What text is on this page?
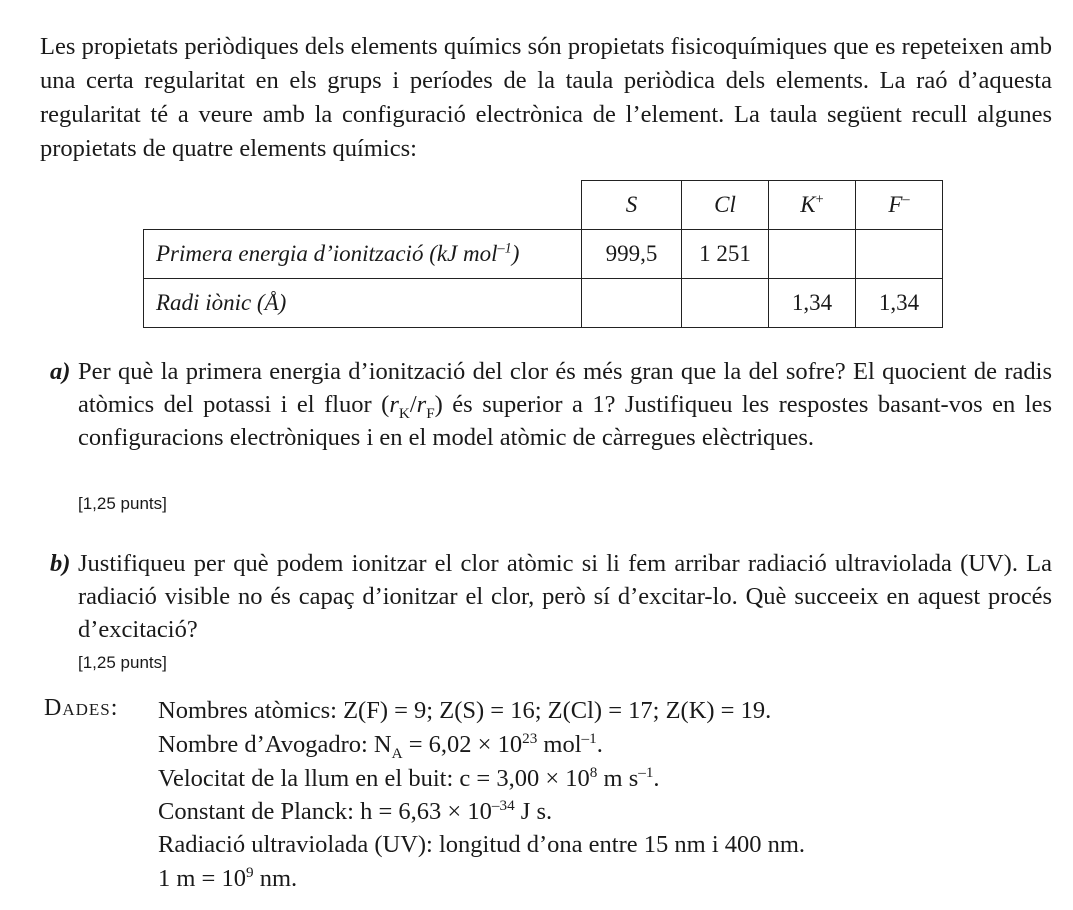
Les propietats periòdiques dels elements químics són propietats fisicoquímiques que es repeteixen amb una certa regularitat en els grups i períodes de la taula periòdica dels elements. La raó d’aquesta regularitat té a veure amb la configuració electrònica de l’element. La taula següent recull algunes propietats de quatre elements químics:
	S	Cl	K+	F–
Primera energia d’ionització (kJ mol$^{-1}$)	999,5	1 251		
Radi iònic (Å)			1,34	1,34
a) Per què la primera energia d’ionització del clor és més gran que la del sofre? El quocient de radis atòmics del potassi i el fluor $(r_K/r_F)$ és superior a 1? Justifiqueu les respostes basant-vos en les configuracions electròniques i en el model atòmic de càrregues elèctriques.
[1,25 punts]
b) Justifiqueu per què podem ionitzar el clor atòmic si li fem arribar radiació ultraviolada (UV). La radiació visible no és capaç d’ionitzar el clor, però sí d’excitar-lo. Què succeeix en aquest procés d’excitació?
[1,25 punts]
Dades: Nombres atòmics: Z(F) = 9; Z(S) = 16; Z(Cl) = 17; Z(K) = 19.
Nombre d’Avogadro: $N_A = 6,02 \times 10^{23}$ mol$^{-1}$.
Velocitat de la llum en el buit: $c = 3,00 \times 10^8$ m $s^{-1}$.
Constant de Planck: $h = 6,63 \times 10^{-34}$ J s.
Radiació ultraviolada (UV): longitud d’ona entre 15 nm i 400 nm.
1 $m = 10^9$ nm.
